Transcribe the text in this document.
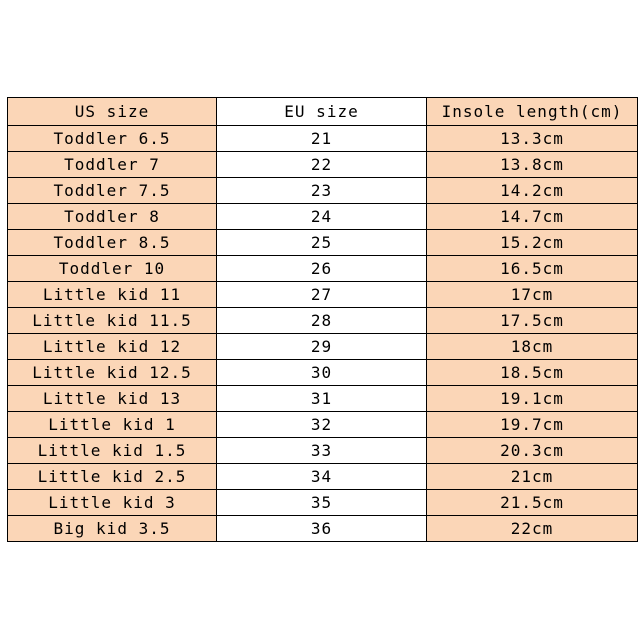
US size	EU size	Insole length(cm)
Toddler 6.5	21	13.3cm
Toddler 7	22	13.8cm
Toddler 7.5	23	14.2cm
Toddler 8	24	14.7cm
Toddler 8.5	25	15.2cm
Toddler 10	26	16.5cm
Little kid 11	27	17cm
Little kid 11.5	28	17.5cm
Little kid 12	29	18cm
Little kid 12.5	30	18.5cm
Little kid 13	31	19.1cm
Little kid 1	32	19.7cm
Little kid 1.5	33	20.3cm
Little kid 2.5	34	21cm
Little kid 3	35	21.5cm
Big kid 3.5	36	22cm
